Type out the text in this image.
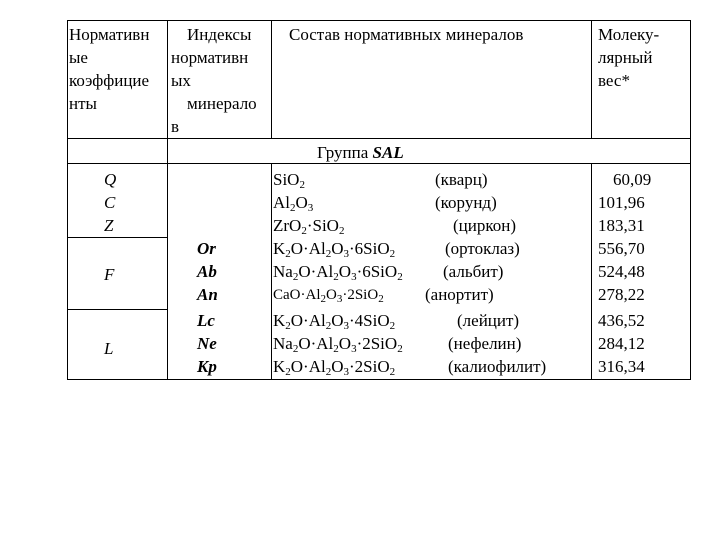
Нормативн
ые
коэффицие
нты
Индексы
нормативн
ых
минерало
в
Состав нормативных минералов	Молеку-
лярный
вес*
Группа SAL
Q
C
Z
F
L
Or
Ab
An
Lc
Ne
Kp
SiO$_2$
$Al_2O_3$
ZrO$_2$·SiO$_2$
$K_2O\cdot Al_2O_3\cdot 6SiO_2$
$Na_2O\cdot Al_2O_3\cdot 6SiO_2$
$CaO\cdot Al_2O_3\cdot 2SiO_2$
$K_2O\cdot Al_2O_3\cdot 4SiO_2$
$Na_2O\cdot Al_2O_3\cdot 2SiO_2$
$K_2O\cdot Al_2O_3\cdot 2SiO_2$
(кварц)
(корунд)
(циркон)
(ортоклаз)
(альбит)
(анортит)
(лейцит)
(нефелин)
(калиофилит)
60,09
101,96
183,31
556,70
524,48
278,22
436,52
284,12
316,34
